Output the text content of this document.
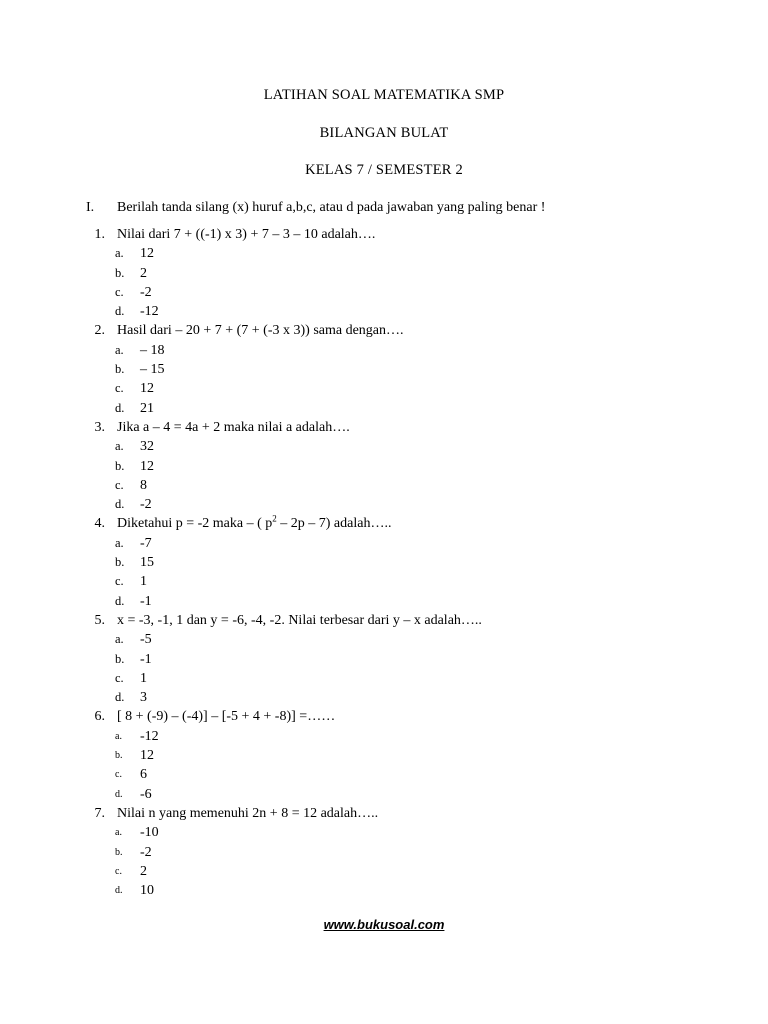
LATIHAN SOAL MATEMATIKA SMP
BILANGAN BULAT
KELAS 7 / SEMESTER 2
I. Berilah tanda silang (x) huruf a,b,c, atau d pada jawaban yang paling benar !
1. Nilai dari 7 + ((-1) x 3) + 7 – 3 – 10 adalah….
a. 12
b. 2
c. -2
d. -12
2. Hasil dari – 20 + 7 + (7 + (-3 x 3)) sama dengan….
a. – 18
b. – 15
c. 12
d. 21
3. Jika a – 4 = 4a + 2 maka nilai a adalah….
a. 32
b. 12
c. 8
d. -2
4. Diketahui p = -2 maka – ( $p^2 - 2p - 7$) adalah…..
a. -7
b. 15
c. 1
d. -1
5. x = -3, -1, 1 dan y = -6, -4, -2. Nilai terbesar dari y – x adalah…..
a. -5
b. -1
c. 1
d. 3
6. [ 8 + (-9) – (-4)] – [-5 + 4 + -8)] =……
a. -12
b. 12
c. 6
d. -6
7. Nilai n yang memenuhi 2n + 8 = 12 adalah…..
a. -10
b. -2
c. 2
d. 10
www.bukusoal.com
